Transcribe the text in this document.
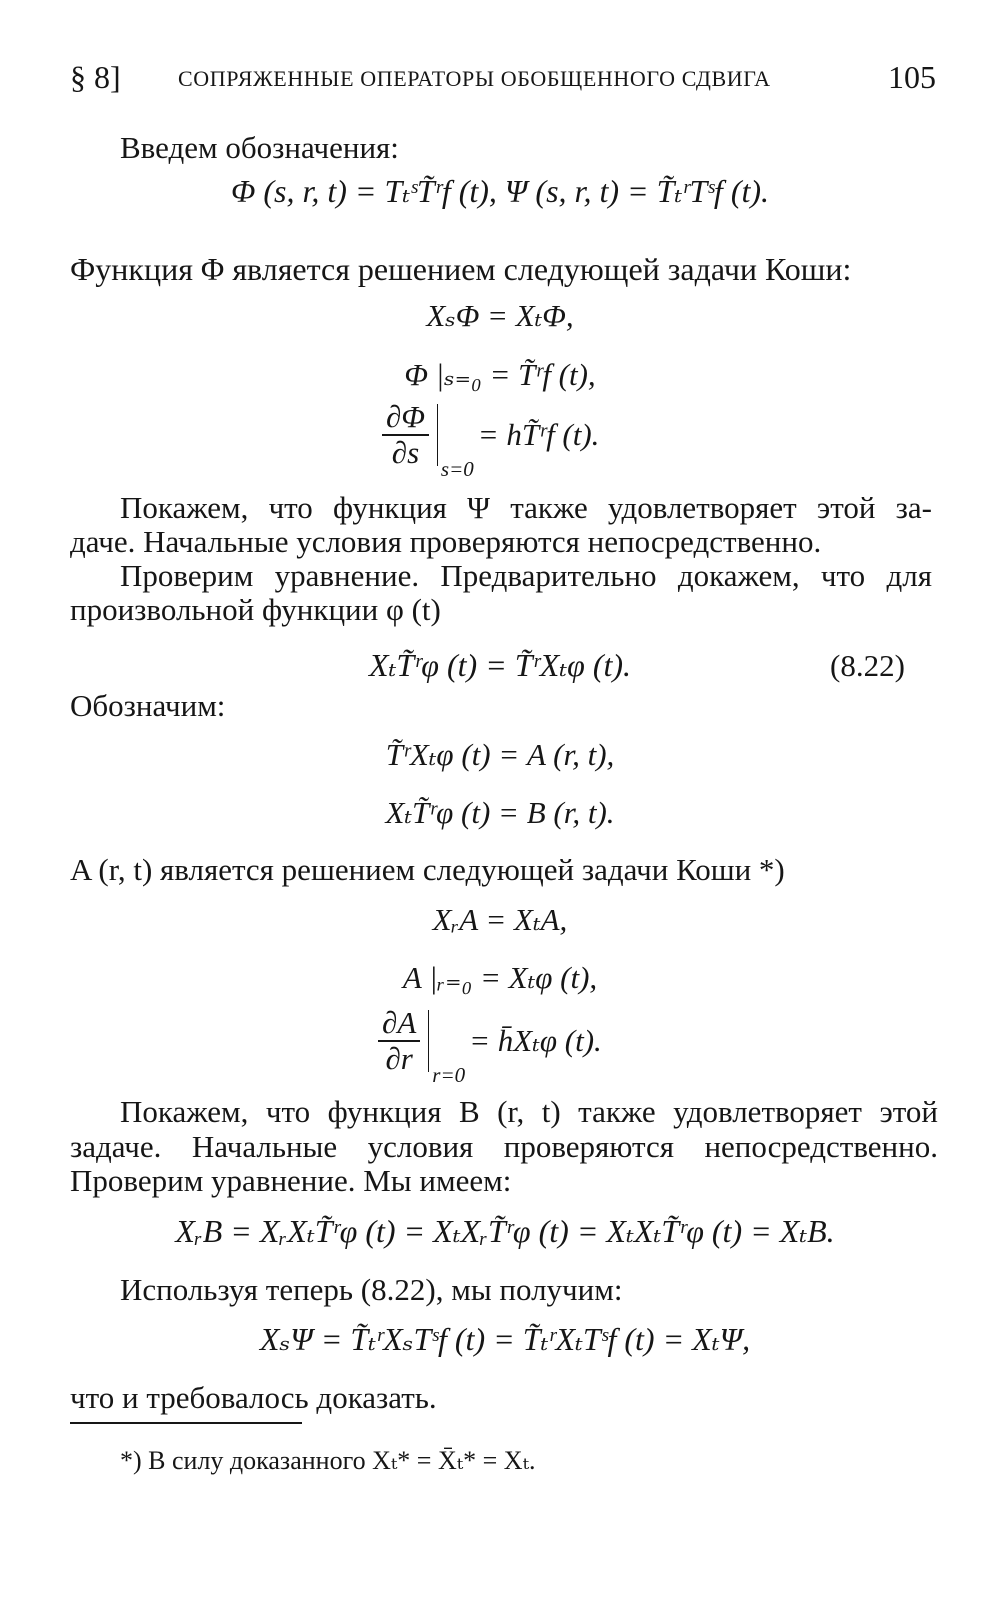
§ 8]	СОПРЯЖЕННЫЕ ОПЕРАТОРЫ ОБОБЩЕННОГО СДВИГА	105

Введем обозначения:

Φ (s, r, t) = TₜˢT̃ʳf (t), Ψ (s, r, t) = T̃ₜʳTˢf (t).

Функция Φ является решением следующей задачи Коши:

XₛΦ = XₜΦ,

Φ |ₛ₌₀ = T̃ʳf (t),

$\frac{\partial\Phi}{\partial s} s=0=$ hT̃ʳf (t).

Покажем, что функция Ψ также удовлетворяет этой за-

даче. Начальные условия проверяются непосредственно.

Проверим уравнение. Предварительно докажем, что для

произвольной функции φ (t)

XₜT̃ʳφ (t) = T̃ʳXₜφ (t).	(8.22)

Обозначим:

T̃ʳXₜφ (t) = A (r, t),

XₜT̃ʳφ (t) = B (r, t).

A (r, t) является решением следующей задачи Коши *)

XᵣA = XₜA,

A |ᵣ₌₀ = Xₜφ (t),

$\frac{\partial A}{\partial r} r=0=$ h̄Xₜφ (t).

Покажем, что функция B (r, t) также удовлетворяет этой

задаче. Начальные условия проверяются непосредственно.

Проверим уравнение. Мы имеем:

XᵣB = XᵣXₜT̃ʳφ (t) = XₜXᵣT̃ʳφ (t) = XₜXₜT̃ʳφ (t) = XₜB.

Используя теперь (8.22), мы получим:

XₛΨ = T̃ₜʳXₛTˢf (t) = T̃ₜʳXₜTˢf (t) = XₜΨ,

что и требовалось доказать.

*) В силу доказанного Xₜ* = X̄ₜ* = Xₜ.
